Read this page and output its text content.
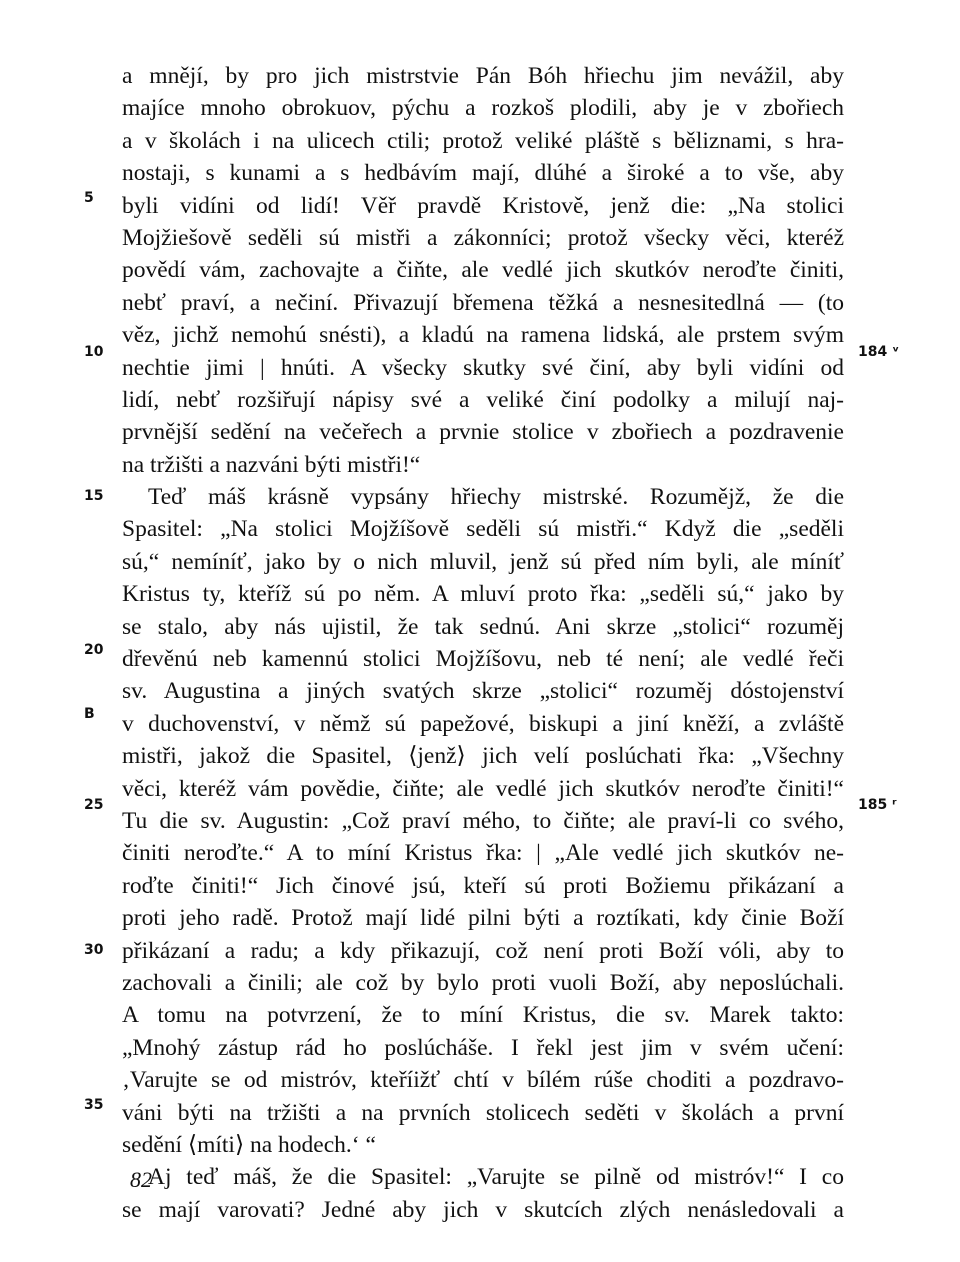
a mnějí, by pro jich mistrstvie Pán Bóh hřiechu jim nevážil, aby
majíce mnoho obrokuov, pýchu a rozkoš plodili, aby je v zbořiech
a v školách i na ulicech ctili; protož veliké pláště s běliznami, s hra-
nostaji, s kunami a s hedbávím mají, dlúhé a široké a to vše, aby
byli vidíni od lidí! Věř pravdě Kristově, jenž die: „Na stolici
Mojžiešově seděli sú mistři a zákonníci; protož všecky věci, kteréž
povědí vám, zachovajte a čiňte, ale vedlé jich skutkóv neroďte činiti,
nebť praví, a nečiní. Přivazují břemena těžká a nesnesitedlná — (to
věz, jichž nemohú snésti), a kladú na ramena lidská, ale prstem svým
nechtie jimi | hnúti. A všecky skutky své činí, aby byli vidíni od
lidí, nebť rozšiřují nápisy své a veliké činí podolky a milují naj-
prvnější sedění na večeřech a prvnie stolice v zbořiech a pozdravenie
na tržišti a nazváni býti mistři!“
Teď máš krásně vypsány hřiechy mistrské. Rozumějž, že die
Spasitel: „Na stolici Mojžíšově seděli sú mistři.“ Když die „seděli
sú,“ nemíníť, jako by o nich mluvil, jenž sú před ním byli, ale míníť
Kristus ty, kteříž sú po něm. A mluví proto řka: „seděli sú,“ jako by
se stalo, aby nás ujistil, že tak sednú. Ani skrze „stolici“ rozuměj
dřevěnú neb kamennú stolici Mojžíšovu, neb té není; ale vedlé řeči
sv. Augustina a jiných svatých skrze „stolici“ rozuměj dóstojenství
v duchovenství, v němž sú papežové, biskupi a jiní kněží, a zvláště
mistři, jakož die Spasitel, ⟨jenž⟩ jich velí poslúchati řka: „Všechny
věci, kteréž vám povědie, čiňte; ale vedlé jich skutkóv neroďte činiti!“
Tu die sv. Augustin: „Což praví mého, to čiňte; ale praví-li co svého,
činiti neroďte.“ A to míní Kristus řka: | „Ale vedlé jich skutkóv ne-
roďte činiti!“ Jich činové jsú, kteří sú proti Božiemu přikázaní a
proti jeho radě. Protož mají lidé pilni býti a roztíkati, kdy činie Boží
přikázaní a radu; a kdy přikazují, což není proti Boží vóli, aby to
zachovali a činili; ale což by bylo proti vuoli Boží, aby neposlúchali.
A tomu na potvrzení, že to míní Kristus, die sv. Marek takto:
„Mnohý zástup rád ho poslúcháše. I řekl jest jim v svém učení:
‚Varujte se od mistróv, kteříižť chtí v bílém rúše choditi a pozdravo-
váni býti na tržišti a na prvních stolicech seděti v školách a první
sedění ⟨míti⟩ na hodech.‘ “
Aj teď máš, že die Spasitel: „Varujte se pilně od mistróv!“ I co
se mají varovati? Jedné aby jich v skutcích zlých nenásledovali a
5
10
15
20
B
25
30
35
184 ᵛ
185 ʳ
82
